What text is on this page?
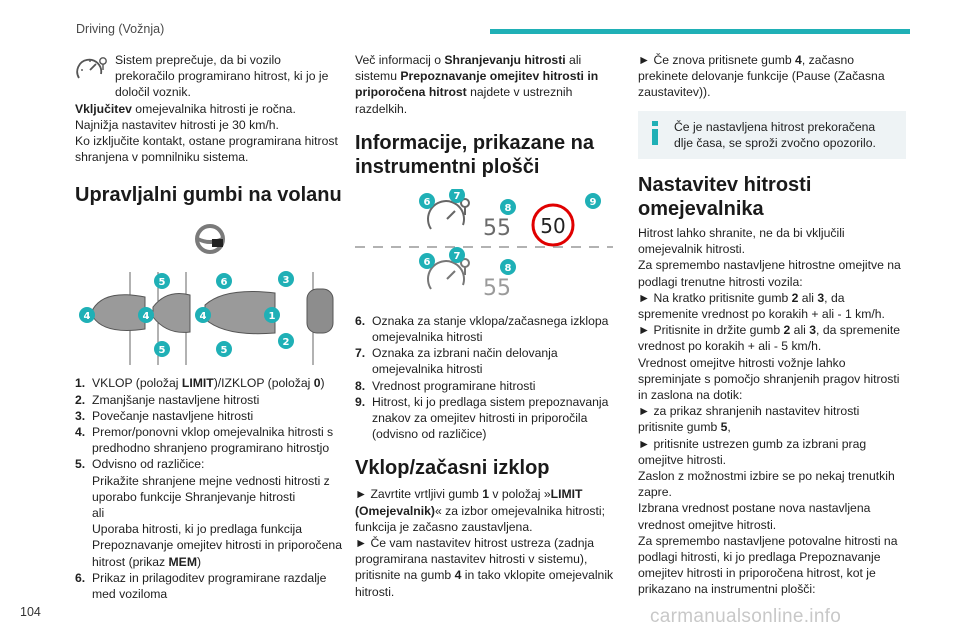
Driving (Vožnja)

Sistem preprečuje, da bi vozilo prekoračilo programirano hitrost, ki jo je določil voznik.

Vključitev omejevalnika hitrosti je ročna.

Najnižja nastavitev hitrosti je 30 km/h.

Ko izključite kontakt, ostane programirana hitrost shranjena v pomnilniku sistema.

Upravljalni gumbi na volanu
4
5
4
5
6
4
5
3
1
2
1. VKLOP (položaj LIMIT)/IZKLOP (položaj 0)
2. Zmanjšanje nastavljene hitrosti
3. Povečanje nastavljene hitrosti
4. Premor/ponovni vklop omejevalnika hitrosti s predhodno shranjeno programirano hitrostjo
5. Odvisno od različice:
Prikažite shranjene mejne vednosti hitrosti z uporabo funkcije Shranjevanje hitrosti
ali
Uporaba hitrosti, ki jo predlaga funkcija Prepoznavanje omejitev hitrosti in priporočena hitrost (prikaz MEM)
6. Prikaz in prilagoditev programirane razdalje med voziloma

Več informacij o Shranjevanju hitrosti ali sistemu Prepoznavanje omejitev hitrosti in priporočena hitrost najdete v ustreznih razdelkih.

Informacije, prikazane na instrumentni plošči
55 50
6
7
8
9
55
6
7
8
6. Oznaka za stanje vklopa/začasnega izklopa omejevalnika hitrosti
7. Oznaka za izbrani način delovanja omejevalnika hitrosti
8. Vrednost programirane hitrosti
9. Hitrost, ki jo predlaga sistem prepoznavanja znakov za omejitev hitrosti in priporočila (odvisno od različice)
Vklop/začasni izklop

► Zavrtite vrtljivi gumb 1 v položaj »LIMIT (Omejevalnik)« za izbor omejevalnika hitrosti; funkcija je začasno zaustavljena.

► Če vam nastavitev hitrost ustreza (zadnja programirana nastavitev hitrosti v sistemu), pritisnite na gumb 4 in tako vklopite omejevalnik hitrosti.

► Če znova pritisnete gumb 4, začasno prekinete delovanje funkcije (Pause (Začasna zaustavitev)).

Če je nastavljena hitrost prekoračena dlje časa, se sproži zvočno opozorilo.

Nastavitev hitrosti omejevalnika

Hitrost lahko shranite, ne da bi vključili omejevalnik hitrosti.
Za spremembo nastavljene hitrostne omejitve na podlagi trenutne hitrosti vozila:
► Na kratko pritisnite gumb 2 ali 3, da spremenite vrednost po korakih + ali - 1 km/h.
► Pritisnite in držite gumb 2 ali 3, da spremenite vrednost po korakih + ali - 5 km/h.
Vrednost omejitve hitrosti vožnje lahko spreminjate s pomočjo shranjenih pragov hitrosti in zaslona na dotik:
► za prikaz shranjenih nastavitev hitrosti pritisnite gumb 5,
► pritisnite ustrezen gumb za izbrani prag omejitve hitrosti.
Zaslon z možnostmi izbire se po nekaj trenutkih zapre.
Izbrana vrednost postane nova nastavljena vrednost omejitve hitrosti.
Za spremembo nastavljene potovalne hitrosti na podlagi hitrosti, ki jo predlaga Prepoznavanje omejitev hitrosti in priporočena hitrost, kot je prikazano na instrumentni plošči:

104	carmanualsonline.info
